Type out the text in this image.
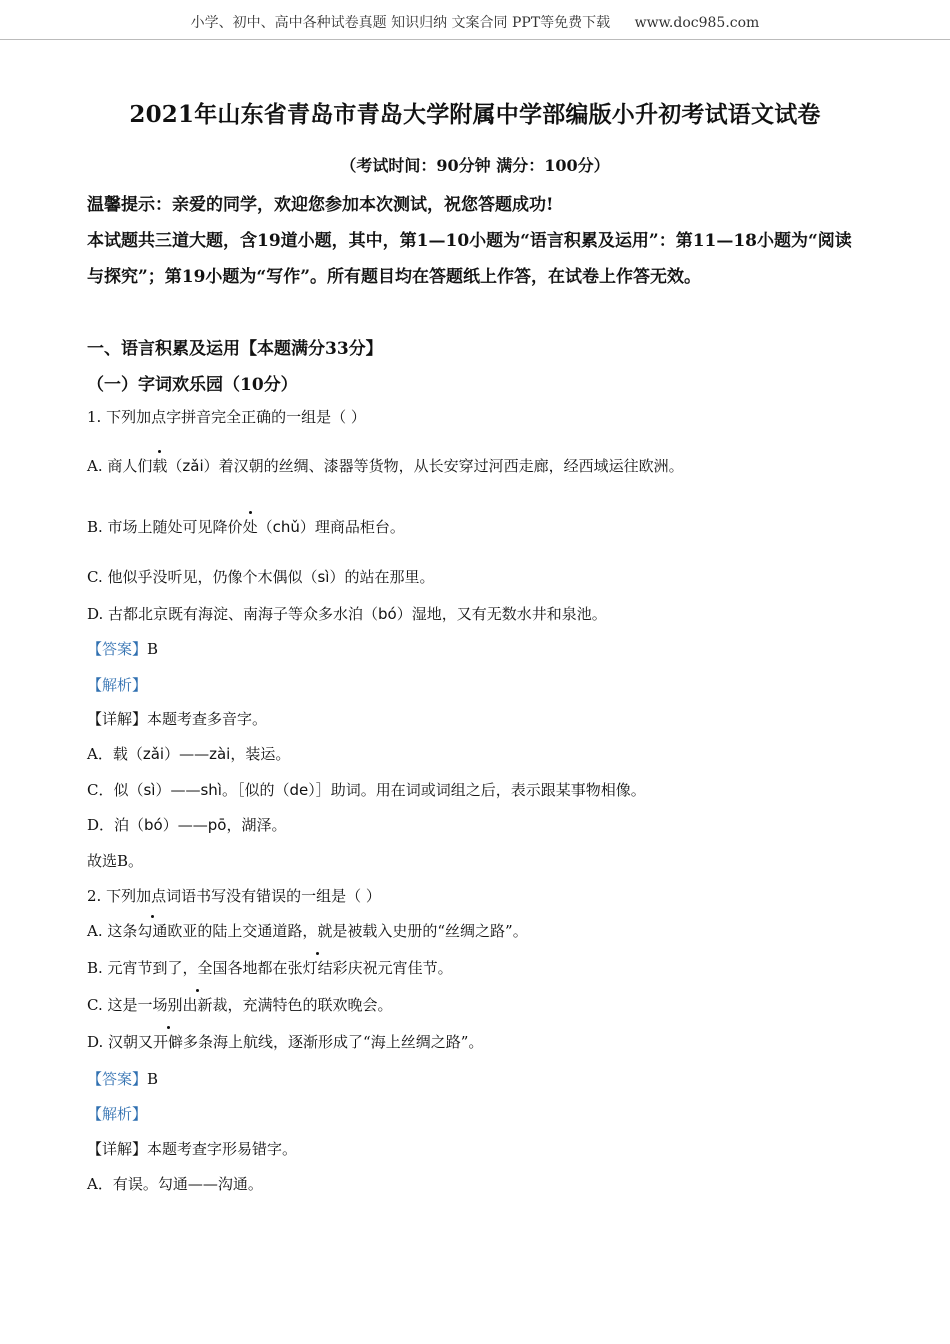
小学、初中、高中各种试卷真题 知识归纳 文案合同 PPT等免费下载 www.doc985.com
2021年山东省青岛市青岛大学附属中学部编版小升初考试语文试卷
（考试时间：90分钟 满分：100分）
温馨提示：亲爱的同学，欢迎您参加本次测试，祝您答题成功!
本试题共三道大题，含19道小题，其中，第1—10小题为“语言积累及运用”：第11—18小题为“阅读与探究”；第19小题为“写作”。所有题目均在答题纸上作答，在试卷上作答无效。
一、语言积累及运用【本题满分33分】
（一）字词欢乐园（10分）
1. 下列加点字拼音完全正确的一组是（ ）
A. 商人们载（zǎi）着汉朝的丝绸、漆器等货物，从长安穿过河西走廊，经西域运往欧洲。
B. 市场上随处可见降价处（chǔ）理商品柜台。
C. 他似乎没听见，仍像个木偶似（sì）的站在那里。
D. 古都北京既有海淀、南海子等众多水泊（bó）湿地，又有无数水井和泉池。
【答案】B
【解析】
【详解】本题考查多音字。
A．载（zǎi）——zài，装运。
C．似（sì）——shì。［似的（de）］助词。用在词或词组之后，表示跟某事物相像。
D．泊（bó）——pō，湖泽。
故选B。
2. 下列加点词语书写没有错误的一组是（ ）
A. 这条勾通欧亚的陆上交通道路，就是被载入史册的“丝绸之路”。
B. 元宵节到了，全国各地都在张灯结彩庆祝元宵佳节。
C. 这是一场别出新裁，充满特色的联欢晚会。
D. 汉朝又开僻多条海上航线，逐渐形成了“海上丝绸之路”。
【答案】B
【解析】
【详解】本题考查字形易错字。
A．有误。勾通——沟通。
